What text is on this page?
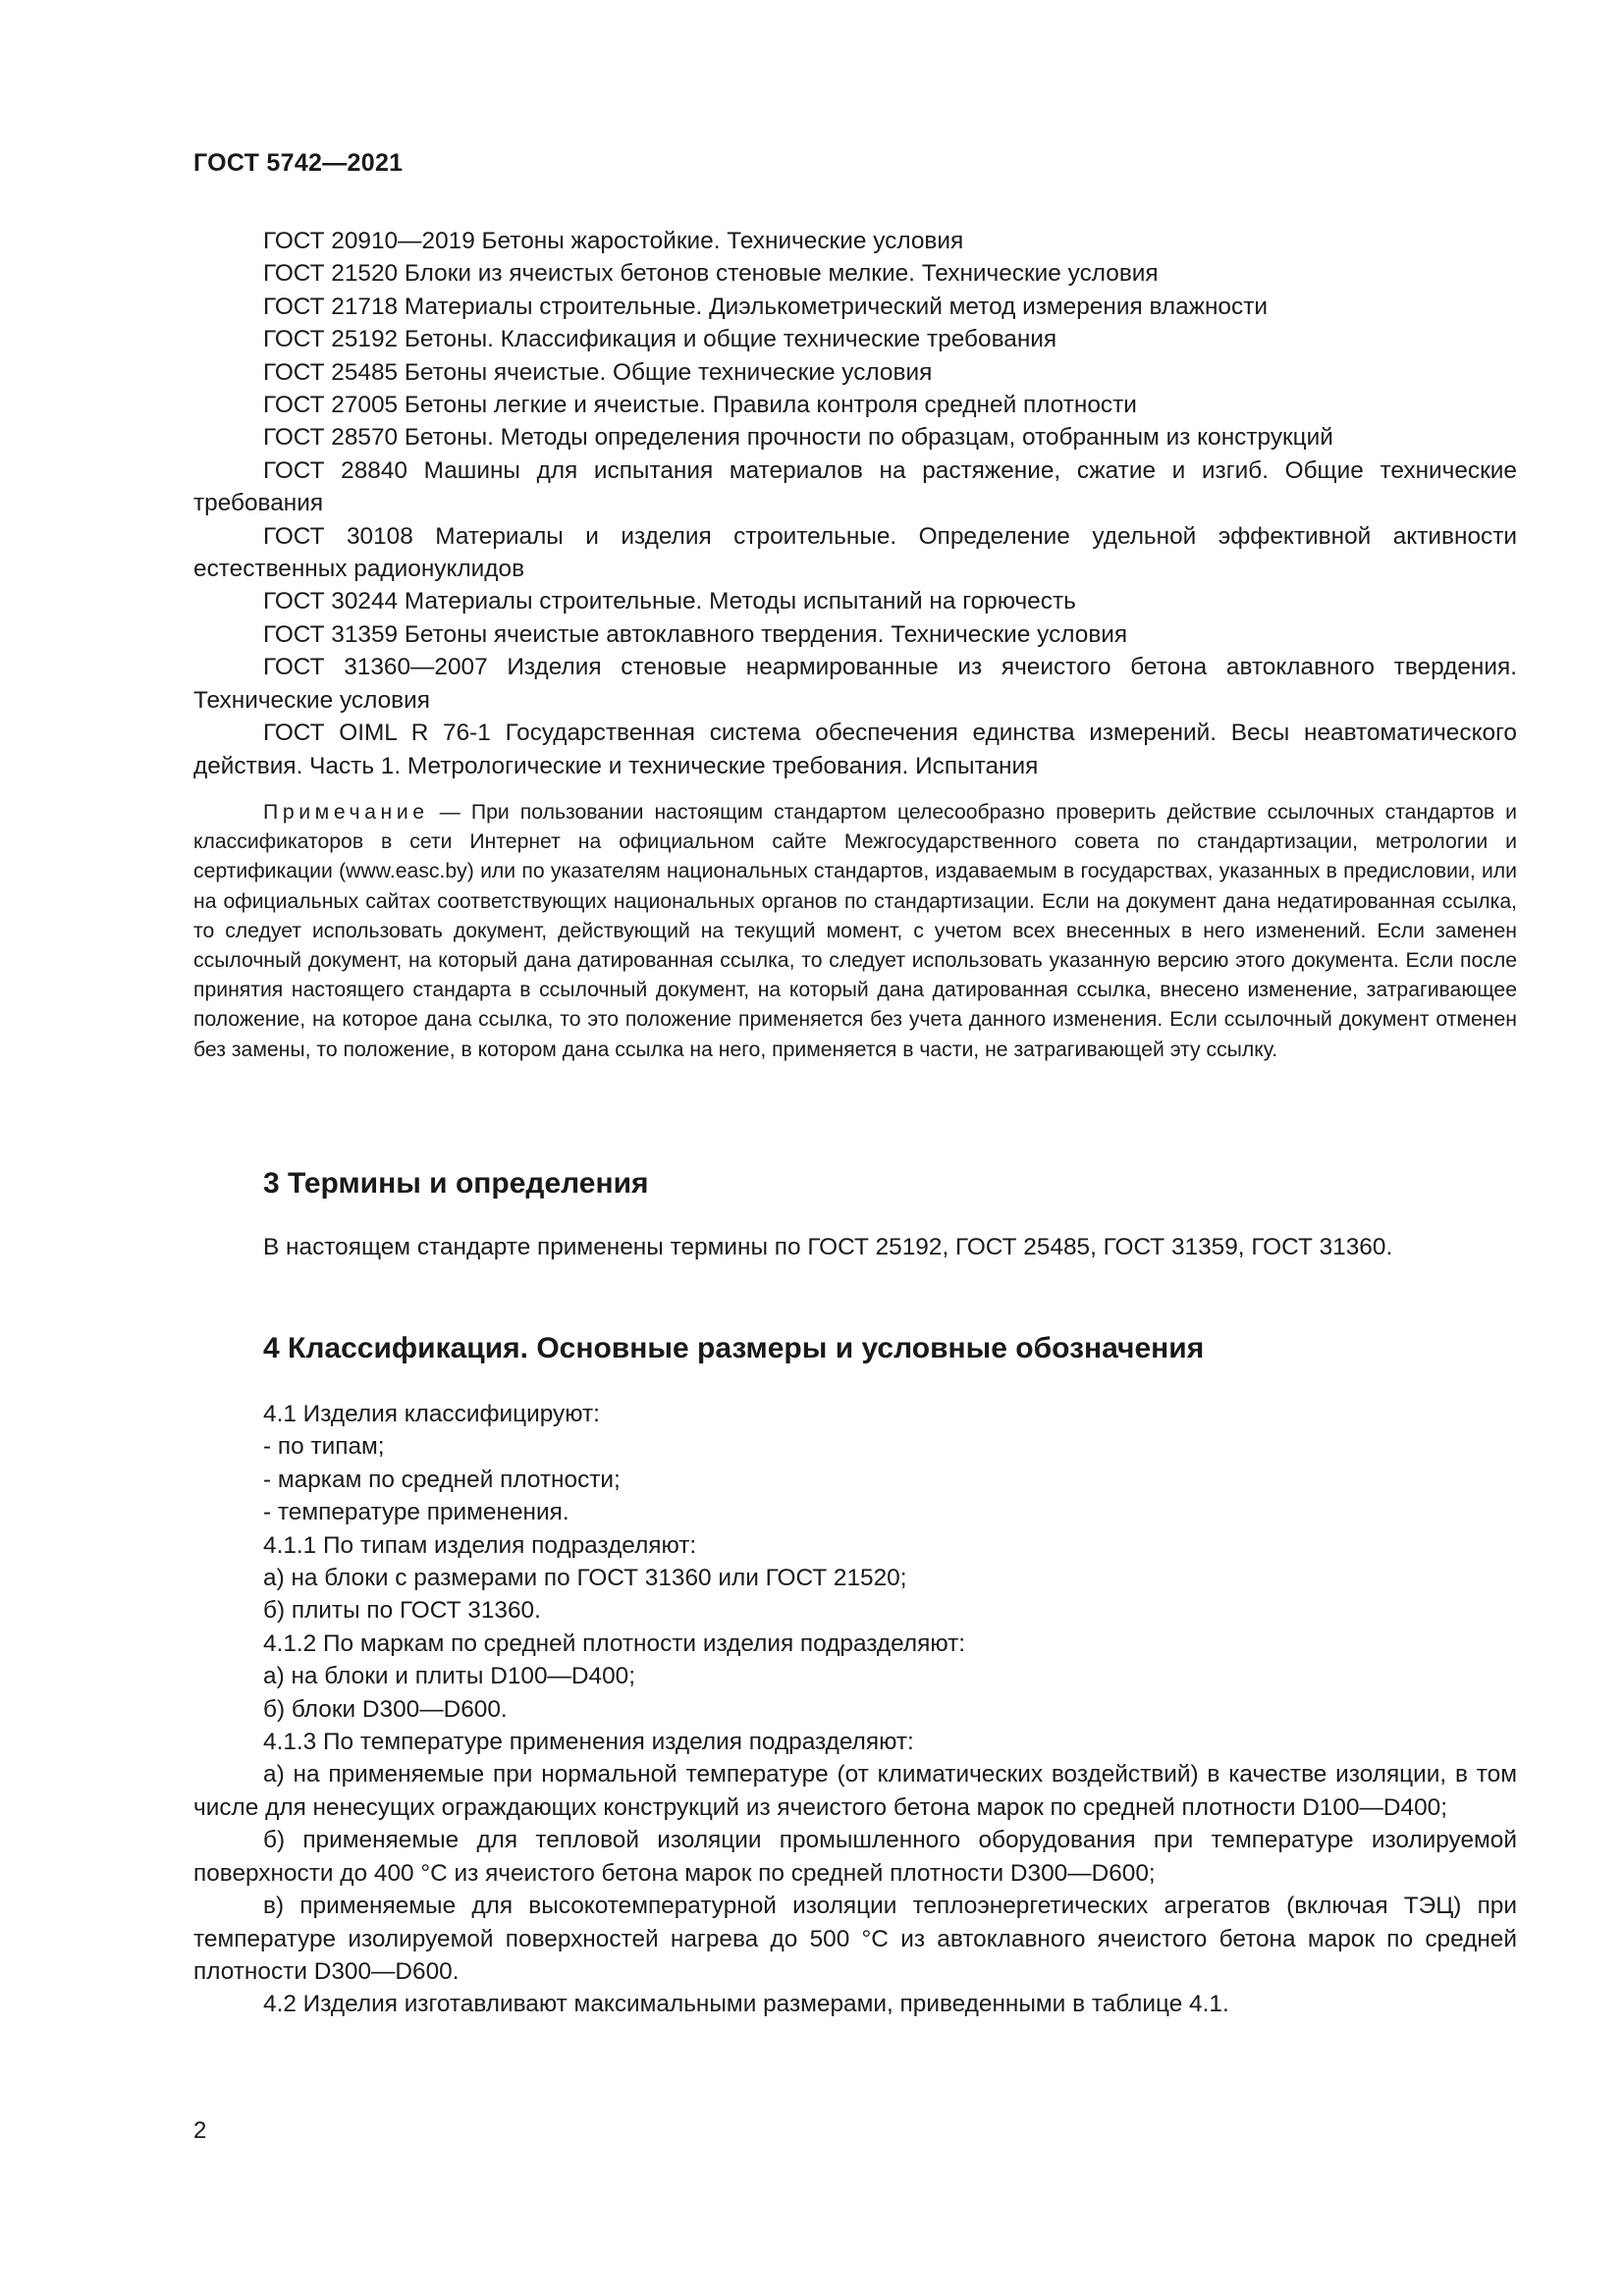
ГОСТ 5742—2021

ГОСТ 20910—2019 Бетоны жаростойкие. Технические условия

ГОСТ 21520 Блоки из ячеистых бетонов стеновые мелкие. Технические условия

ГОСТ 21718 Материалы строительные. Диэлькометрический метод измерения влажности

ГОСТ 25192 Бетоны. Классификация и общие технические требования

ГОСТ 25485 Бетоны ячеистые. Общие технические условия

ГОСТ 27005 Бетоны легкие и ячеистые. Правила контроля средней плотности

ГОСТ 28570 Бетоны. Методы определения прочности по образцам, отобранным из конструкций

ГОСТ 28840 Машины для испытания материалов на растяжение, сжатие и изгиб. Общие технические требования

ГОСТ 30108 Материалы и изделия строительные. Определение удельной эффективной активности естественных радионуклидов

ГОСТ 30244 Материалы строительные. Методы испытаний на горючесть

ГОСТ 31359 Бетоны ячеистые автоклавного твердения. Технические условия

ГОСТ 31360—2007 Изделия стеновые неармированные из ячеистого бетона автоклавного твердения. Технические условия

ГОСТ OIML R 76-1 Государственная система обеспечения единства измерений. Весы неавтоматического действия. Часть 1. Метрологические и технические требования. Испытания

Примечание — При пользовании настоящим стандартом целесообразно проверить действие ссылочных стандартов и классификаторов в сети Интернет на официальном сайте Межгосударственного совета по стандартизации, метрологии и сертификации (www.easc.by) или по указателям национальных стандартов, издаваемым в государствах, указанных в предисловии, или на официальных сайтах соответствующих национальных органов по стандартизации. Если на документ дана недатированная ссылка, то следует использовать документ, действующий на текущий момент, с учетом всех внесенных в него изменений. Если заменен ссылочный документ, на который дана датированная ссылка, то следует использовать указанную версию этого документа. Если после принятия настоящего стандарта в ссылочный документ, на который дана датированная ссылка, внесено изменение, затрагивающее положение, на которое дана ссылка, то это положение применяется без учета данного изменения. Если ссылочный документ отменен без замены, то положение, в котором дана ссылка на него, применяется в части, не затрагивающей эту ссылку.

3 Термины и определения

В настоящем стандарте применены термины по ГОСТ 25192, ГОСТ 25485, ГОСТ 31359, ГОСТ 31360.

4 Классификация. Основные размеры и условные обозначения

4.1 Изделия классифицируют:

- по типам;

- маркам по средней плотности;

- температуре применения.

4.1.1 По типам изделия подразделяют:

а) на блоки с размерами по ГОСТ 31360 или ГОСТ 21520;

б) плиты по ГОСТ 31360.

4.1.2 По маркам по средней плотности изделия подразделяют:

а) на блоки и плиты D100—D400;

б) блоки D300—D600.

4.1.3 По температуре применения изделия подразделяют:

а) на применяемые при нормальной температуре (от климатических воздействий) в качестве изоляции, в том числе для ненесущих ограждающих конструкций из ячеистого бетона марок по средней плотности D100—D400;

б) применяемые для тепловой изоляции промышленного оборудования при температуре изолируемой поверхности до 400 °С из ячеистого бетона марок по средней плотности D300—D600;

в) применяемые для высокотемпературной изоляции теплоэнергетических агрегатов (включая ТЭЦ) при температуре изолируемой поверхностей нагрева до 500 °С из автоклавного ячеистого бетона марок по средней плотности D300—D600.

4.2 Изделия изготавливают максимальными размерами, приведенными в таблице 4.1.

2
